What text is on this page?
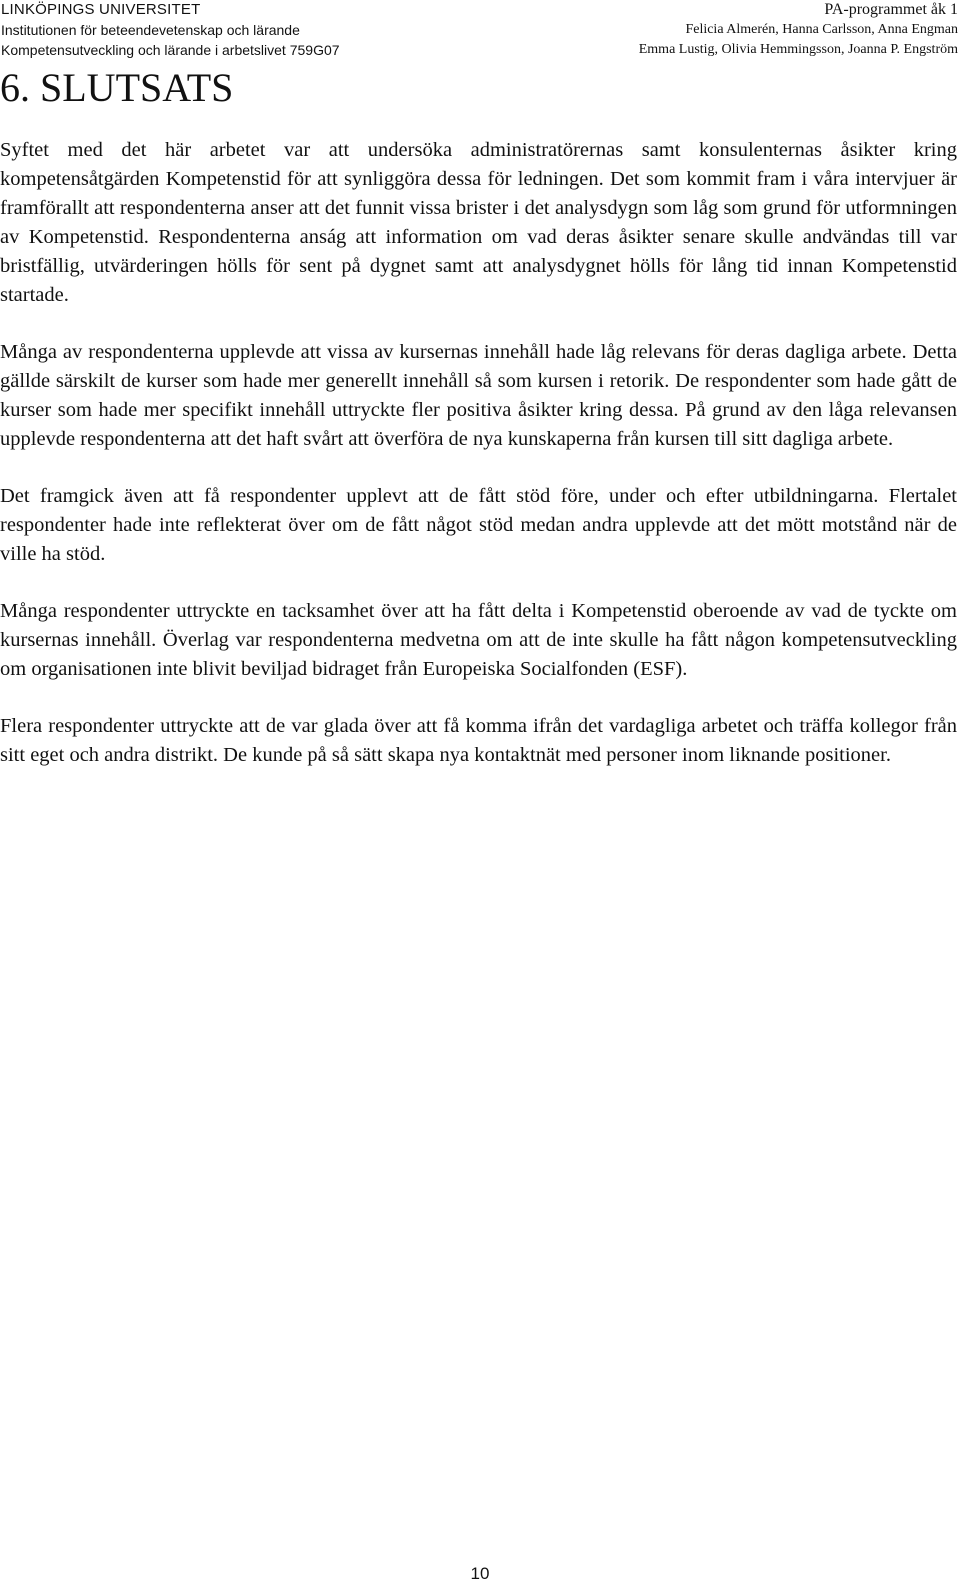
LINKÖPINGS UNIVERSITET
Institutionen för beteendevetenskap och lärande
Kompetensutveckling och lärande i arbetslivet 759G07
PA-programmet åk 1
Felicia Almerén, Hanna Carlsson, Anna Engman
Emma Lustig, Olivia Hemmingsson, Joanna P. Engström
6. SLUTSATS

Syftet med det här arbetet var att undersöka administratörernas samt konsulenternas åsikter kring kompetensåtgärden Kompetenstid för att synliggöra dessa för ledningen. Det som kommit fram i våra intervjuer är framförallt att respondenterna anser att det funnit vissa brister i det analysdygn som låg som grund för utformningen av Kompetenstid. Respondenterna anság att information om vad deras åsikter senare skulle andvändas till var bristfällig, utvärderingen hölls för sent på dygnet samt att analysdygnet hölls för lång tid innan Kompetenstid startade.

Många av respondenterna upplevde att vissa av kursernas innehåll hade låg relevans för deras dagliga arbete. Detta gällde särskilt de kurser som hade mer generellt innehåll så som kursen i retorik. De respondenter som hade gått de kurser som hade mer specifikt innehåll uttryckte fler positiva åsikter kring dessa. På grund av den låga relevansen upplevde respondenterna att det haft svårt att överföra de nya kunskaperna från kursen till sitt dagliga arbete.

Det framgick även att få respondenter upplevt att de fått stöd före, under och efter utbildningarna. Flertalet respondenter hade inte reflekterat över om de fått något stöd medan andra upplevde att det mött motstånd när de ville ha stöd.

Många respondenter uttryckte en tacksamhet över att ha fått delta i Kompetenstid oberoende av vad de tyckte om kursernas innehåll. Överlag var respondenterna medvetna om att de inte skulle ha fått någon kompetensutveckling om organisationen inte blivit beviljad bidraget från Europeiska Socialfonden (ESF).

Flera respondenter uttryckte att de var glada över att få komma ifrån det vardagliga arbetet och träffa kollegor från sitt eget och andra distrikt. De kunde på så sätt skapa nya kontaktnät med personer inom liknande positioner.

10
